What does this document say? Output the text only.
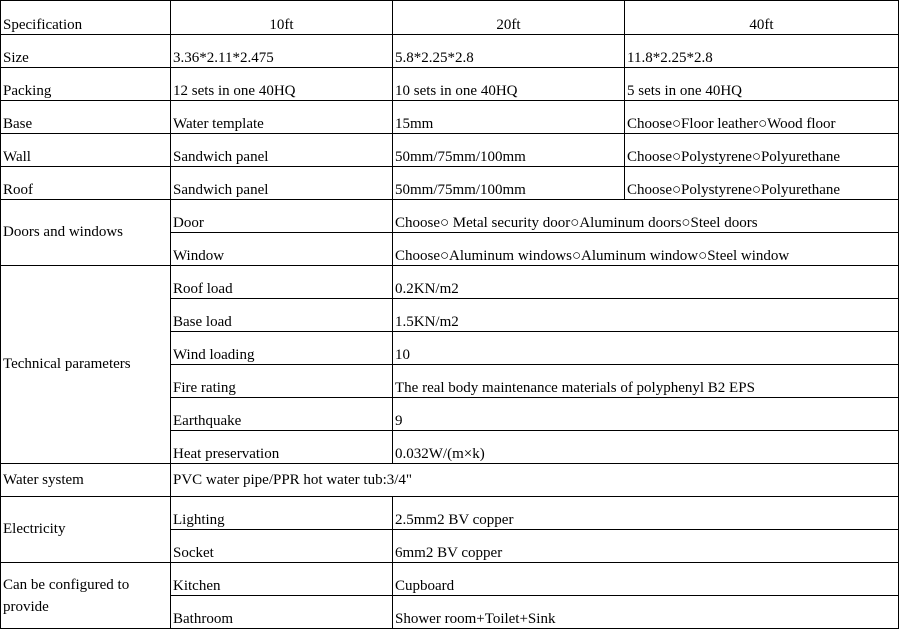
Specification	10ft	20ft	40ft
Size	3.36*2.11*2.475	5.8*2.25*2.8	11.8*2.25*2.8
Packing	12 sets in one 40HQ	10 sets in one 40HQ	5 sets in one 40HQ
Base	Water template	15mm	Choose○Floor leather○Wood floor
Wall	Sandwich panel	50mm/75mm/100mm	Choose○Polystyrene○Polyurethane
Roof	Sandwich panel	50mm/75mm/100mm	Choose○Polystyrene○Polyurethane
Doors and windows	Door	Choose○ Metal security door○Aluminum doors○Steel doors	
	Window	Choose○Aluminum windows○Aluminum window○Steel window	
Technical parameters	Roof load	0.2KN/m2	
	Base load	1.5KN/m2	
	Wind loading	10	
	Fire rating	The real body maintenance materials of polyphenyl B2 EPS	
	Earthquake	9	
	Heat preservation	0.032W/(m×k)	
Water system	PVC water pipe/PPR hot water tub:3/4"		
Electricity	Lighting	2.5mm2 BV copper	
	Socket	6mm2 BV copper	
Can be configured to provide	Kitchen	Cupboard	
	Bathroom	Shower room+Toilet+Sink	
